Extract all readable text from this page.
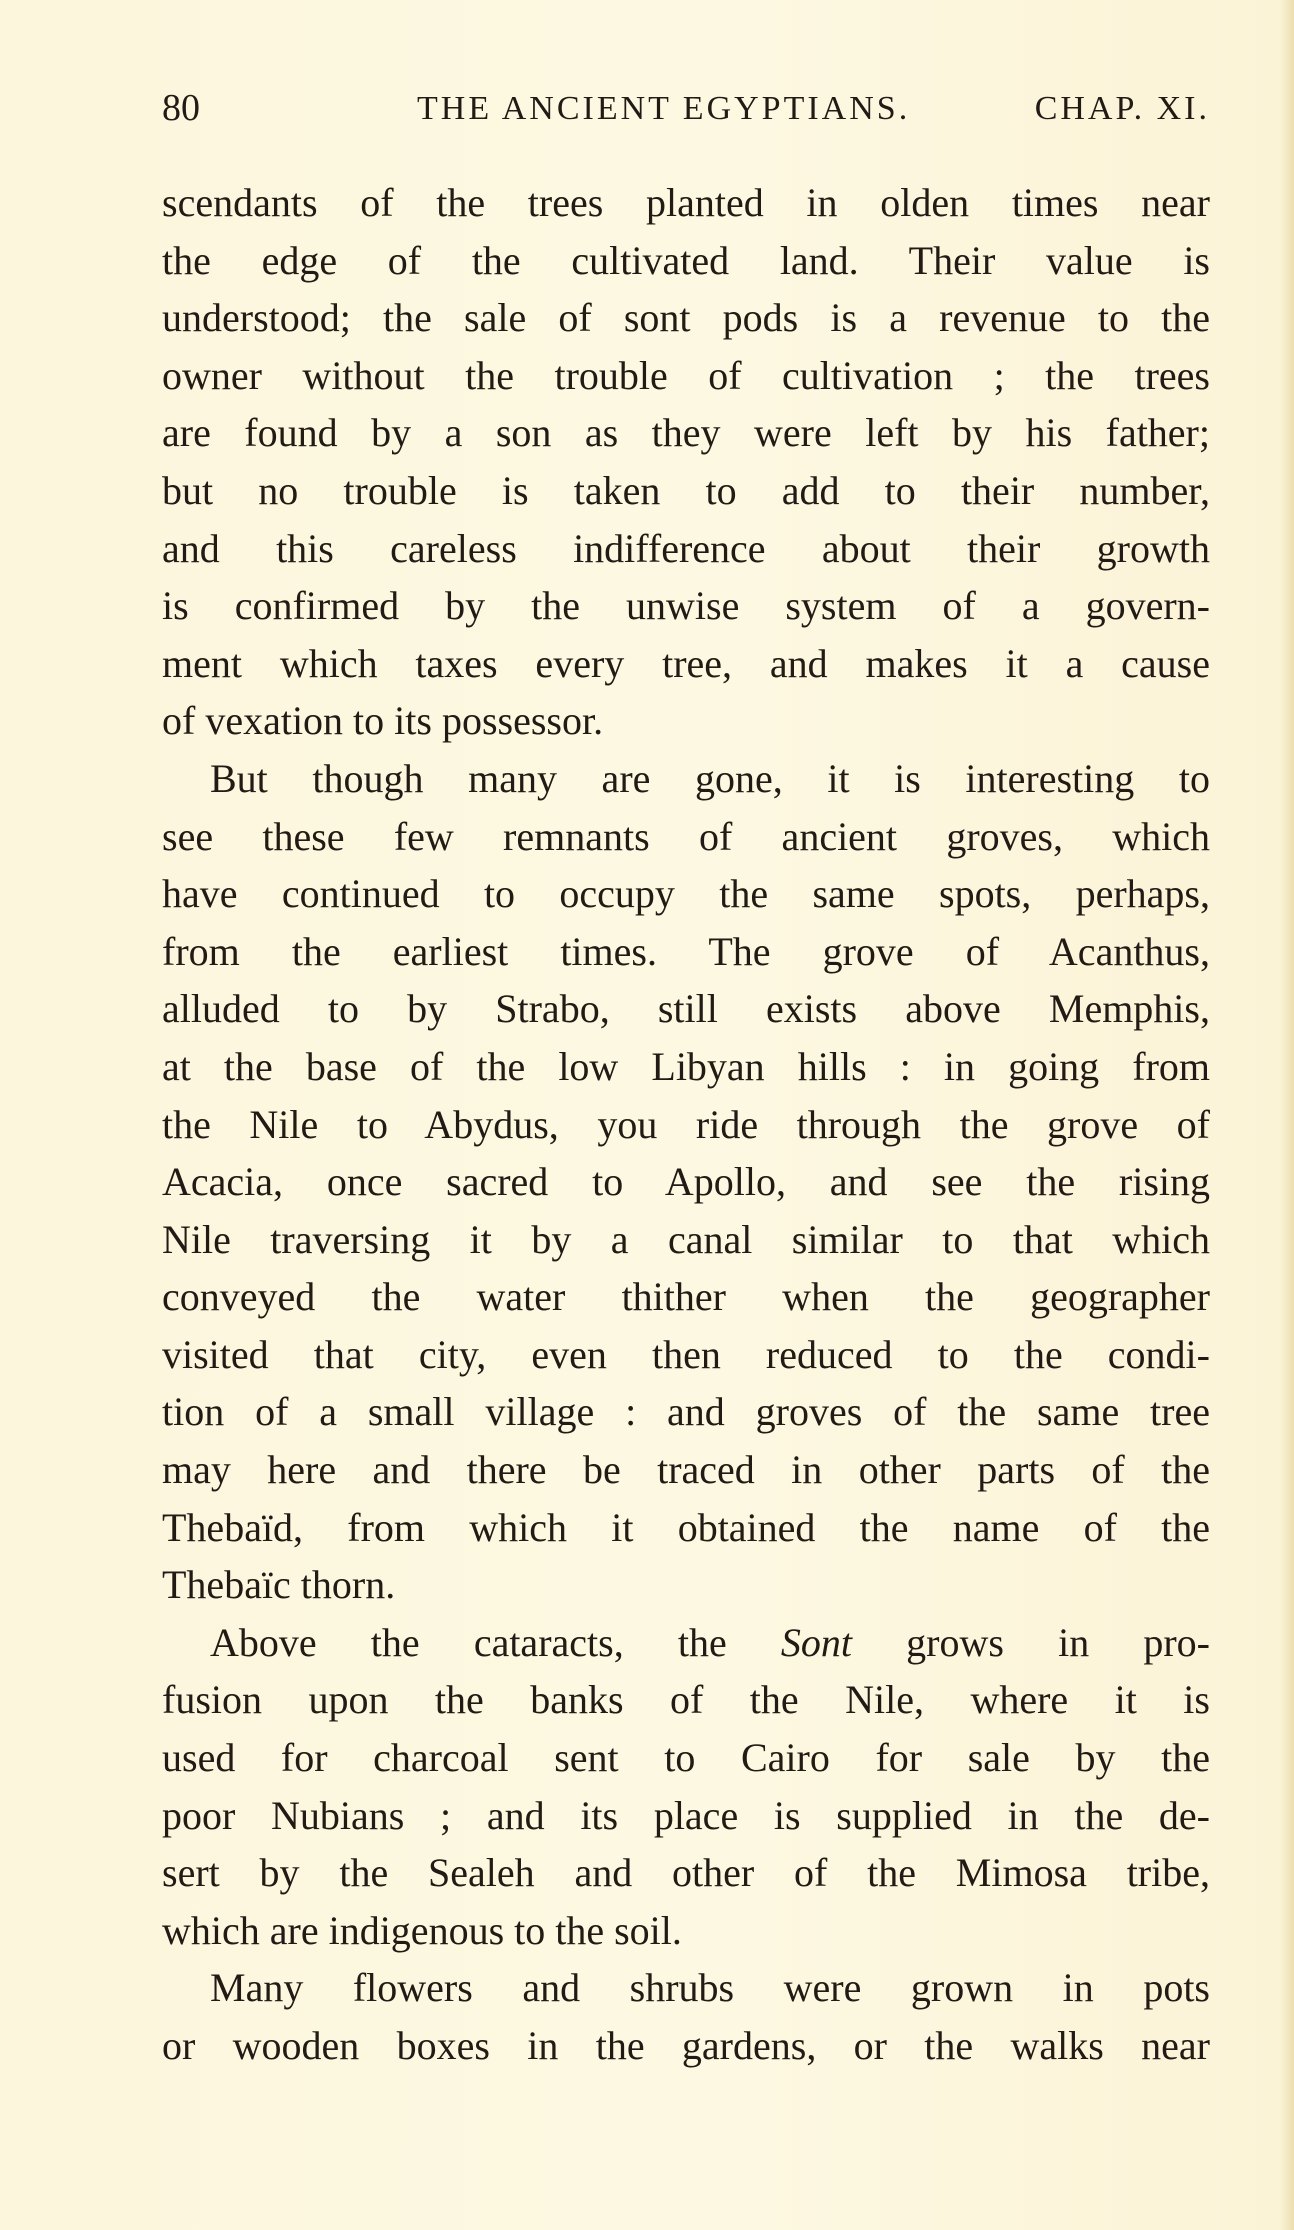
80	THE ANCIENT EGYPTIANS.	CHAP. XI.
scendants of the trees planted in olden times near
the edge of the cultivated land. Their value is
understood; the sale of sont pods is a revenue to the
owner without the trouble of cultivation ; the trees
are found by a son as they were left by his father;
but no trouble is taken to add to their number,
and this careless indifference about their growth
is confirmed by the unwise system of a govern-
ment which taxes every tree, and makes it a cause
of vexation to its possessor.
But though many are gone, it is interesting to
see these few remnants of ancient groves, which
have continued to occupy the same spots, perhaps,
from the earliest times. The grove of Acanthus,
alluded to by Strabo, still exists above Memphis,
at the base of the low Libyan hills : in going from
the Nile to Abydus, you ride through the grove of
Acacia, once sacred to Apollo, and see the rising
Nile traversing it by a canal similar to that which
conveyed the water thither when the geographer
visited that city, even then reduced to the condi-
tion of a small village : and groves of the same tree
may here and there be traced in other parts of the
Thebaïd, from which it obtained the name of the
Thebaïc thorn.
Above the cataracts, the Sont grows in pro-
fusion upon the banks of the Nile, where it is
used for charcoal sent to Cairo for sale by the
poor Nubians ; and its place is supplied in the de-
sert by the Sealeh and other of the Mimosa tribe,
which are indigenous to the soil.
Many flowers and shrubs were grown in pots
or wooden boxes in the gardens, or the walks near
